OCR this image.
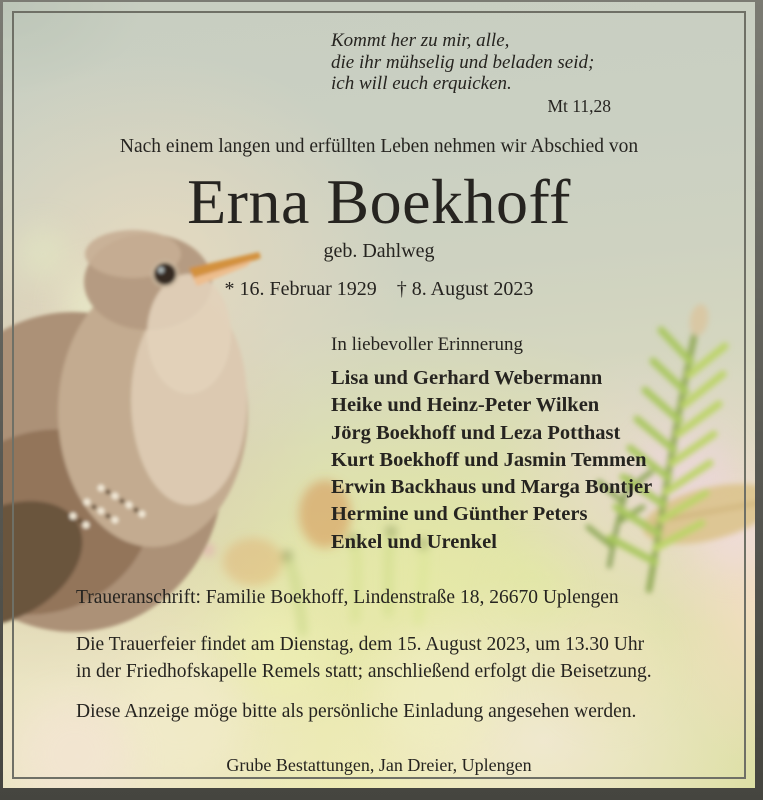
Kommt her zu mir, alle,
die ihr mühselig und beladen seid;
ich will euch erquicken.
Mt 11,28
Nach einem langen und erfüllten Leben nehmen wir Abschied von
Erna Boekhoff
geb. Dahlweg
* 16. Februar 1929 † 8. August 2023
In liebevoller Erinnerung
Lisa und Gerhard Webermann
Heike und Heinz-Peter Wilken
Jörg Boekhoff und Leza Potthast
Kurt Boekhoff und Jasmin Temmen
Erwin Backhaus und Marga Bontjer
Hermine und Günther Peters
Enkel und Urenkel
Traueranschrift: Familie Boekhoff, Lindenstraße 18, 26670 Uplengen
Die Trauerfeier findet am Dienstag, dem 15. August 2023, um 13.30 Uhr
in der Friedhofskapelle Remels statt; anschließend erfolgt die Beisetzung.
Diese Anzeige möge bitte als persönliche Einladung angesehen werden.
Grube Bestattungen, Jan Dreier, Uplengen
